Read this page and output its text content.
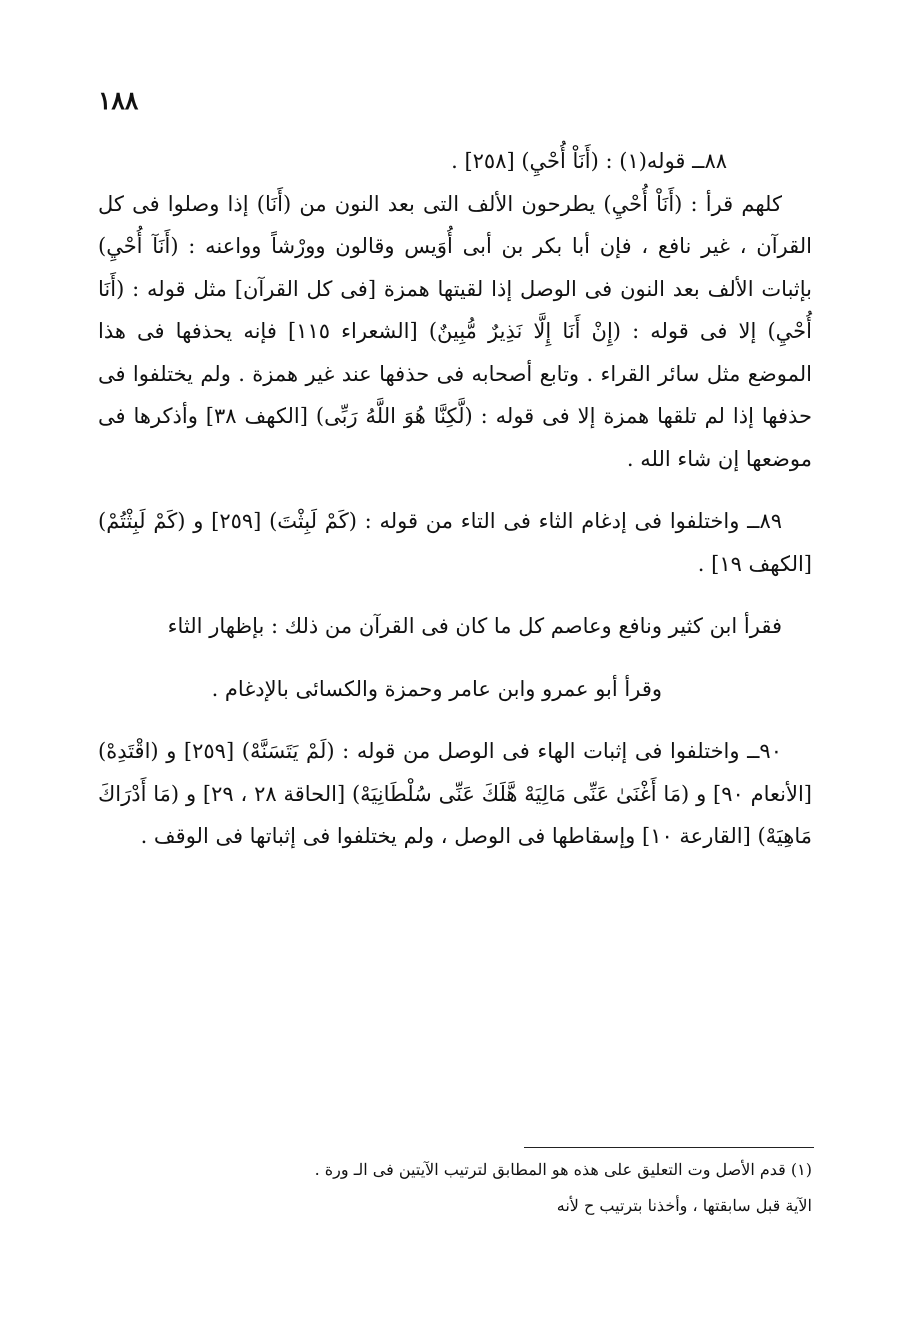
١٨٨

٨٨ــ قوله(١) : (أَنَاْ أُحْيِ) [٢٥٨] .

كلهم قرأ : (أَنَاْ أُحْيِ) يطرحون الألف التى بعد النون من (أَنَا) إذا وصلوا فى كل القرآن ، غير نافع ، فإن أبا بكر بن أبى أُوَيس وقالون وورْشاً وواعنه : (أَنَآ أُحْيِ) بإثبات الألف بعد النون فى الوصل إذا لقيتها همزة [فى كل القرآن] مثل قوله : (أَنَا أُحْيِ) إلا فى قوله : (إِنْ أَنَا إِلَّا نَذِيرٌ مُّبِينٌ) [الشعراء ١١٥] فإنه يحذفها فى هذا الموضع مثل سائر القراء . وتابع أصحابه فى حذفها عند غير همزة . ولم يختلفوا فى حذفها إذا لم تلقها همزة إلا فى قوله : (لَّكِنَّا هُوَ اللَّهُ رَبِّى) [الكهف ٣٨] وأذكرها فى موضعها إن شاء الله .

٨٩ــ واختلفوا فى إدغام الثاء فى التاء من قوله : (كَمْ لَبِثْتَ) [٢٥٩] و (كَمْ لَبِثْتُمْ) [الكهف ١٩] .

فقرأ ابن كثير ونافع وعاصم كل ما كان فى القرآن من ذلك : بإظهار الثاء

وقرأ أبو عمرو وابن عامر وحمزة والكسائى بالإدغام .

٩٠ــ واختلفوا فى إثبات الهاء فى الوصل من قوله : (لَمْ يَتَسَنَّهْ) [٢٥٩] و (اقْتَدِهْ) [الأنعام ٩٠] و (مَا أَغْنَىٰ عَنِّى مَالِيَهْ هَّلَكَ عَنِّى سُلْطَانِيَهْ) [الحاقة ٢٨ ، ٢٩] و (مَا أَدْرَاكَ مَاهِيَهْ) [القارعة ١٠] وإسقاطها فى الوصل ، ولم يختلفوا فى إثباتها فى الوقف .

(١) قدم الأصل وت التعليق على هذه هو المطابق لترتيب الآيتين فى الـ ورة .

الآية قبل سابقتها ، وأخذنا بترتيب ح لأنه
